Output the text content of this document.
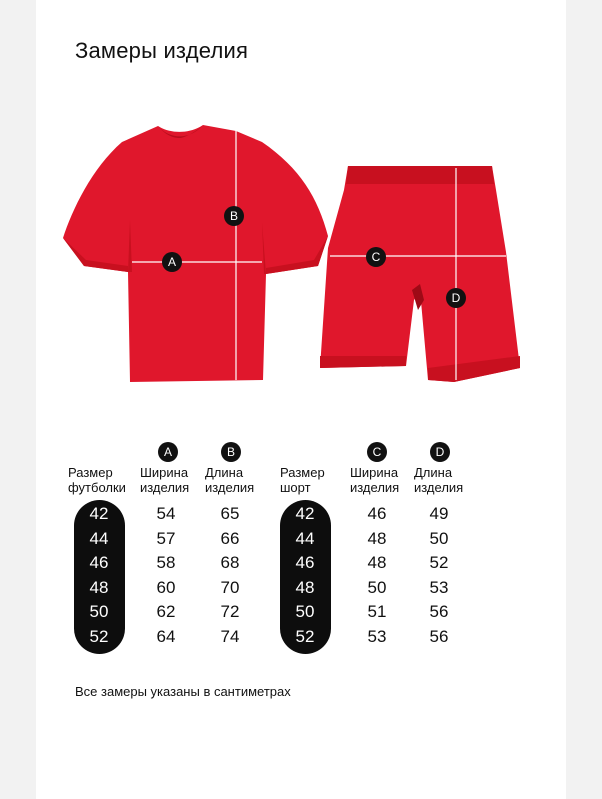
Замеры изделия
A
B
C
D
A	B
Размер футболки
Ширина изделия
Длина изделия
C	D
Размер шорт
Ширина изделия
Длина изделия
42	54	65
44	57	66
46	58	68
48	60	70
50	62	72
52	64	74
42	46	49
44	48	50
46	48	52
48	50	53
50	51	56
52	53	56
Все замеры указаны в сантиметрах
